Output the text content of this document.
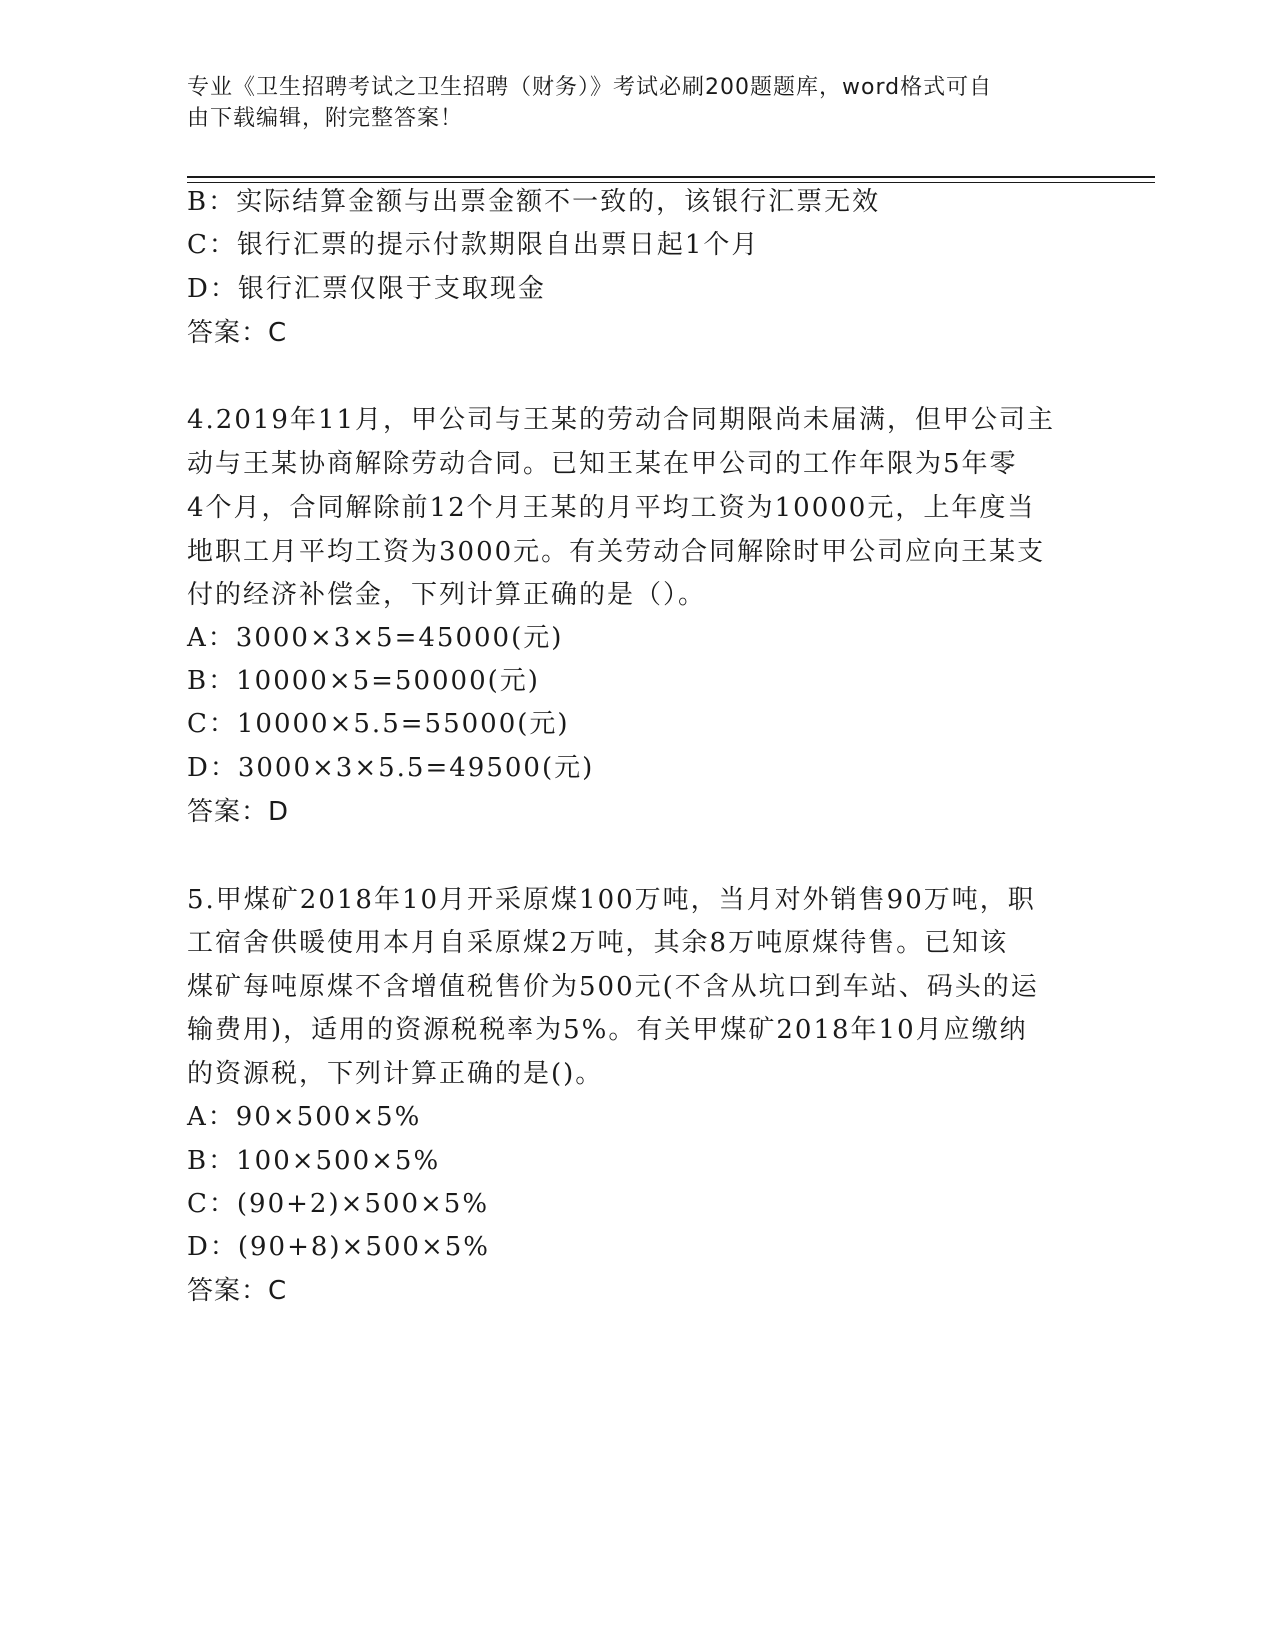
专业《卫生招聘考试之卫生招聘（财务）》考试必刷200题题库，word格式可自
由下载编辑，附完整答案！
B：实际结算金额与出票金额不一致的，该银行汇票无效
C：银行汇票的提示付款期限自出票日起1个月
D：银行汇票仅限于支取现金
答案：C
4.2019年11月，甲公司与王某的劳动合同期限尚未届满，但甲公司主
动与王某协商解除劳动合同。已知王某在甲公司的工作年限为5年零
4个月，合同解除前12个月王某的月平均工资为10000元，上年度当
地职工月平均工资为3000元。有关劳动合同解除时甲公司应向王某支
付的经济补偿金，下列计算正确的是（）。
A：3000×3×5=45000(元)
B：10000×5=50000(元)
C：10000×5.5=55000(元)
D：3000×3×5.5=49500(元)
答案：D
5.甲煤矿2018年10月开采原煤100万吨，当月对外销售90万吨，职
工宿舍供暖使用本月自采原煤2万吨，其余8万吨原煤待售。已知该
煤矿每吨原煤不含增值税售价为500元(不含从坑口到车站、码头的运
输费用)，适用的资源税税率为5%。有关甲煤矿2018年10月应缴纳
的资源税，下列计算正确的是()。
A：90×500×5%
B：100×500×5%
C：(90+2)×500×5%
D：(90+8)×500×5%
答案：C
